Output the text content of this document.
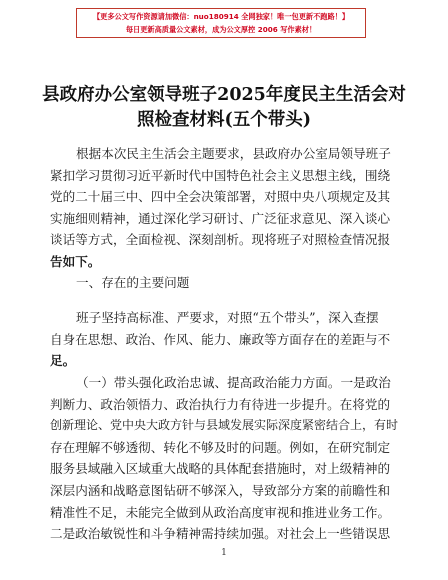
【更多公文写作资源请加微信：nuo180914 全网独家！唯一包更新不跑路！】
每日更新高质量公文素材，成为公文厚控 2006 写作素材！
县政府办公室领导班子2025年度民主生活会对
照检查材料(五个带头)
根据本次民主生活会主题要求，县政府办公室局领导班子
紧扣学习贯彻习近平新时代中国特色社会主义思想主线，围绕
党的二十届三中、四中全会决策部署，对照中央八项规定及其
实施细则精神，通过深化学习研讨、广泛征求意见、深入谈心
谈话等方式，全面检视、深刻剖析。现将班子对照检查情况报
告如下。
一、存在的主要问题
班子坚持高标准、严要求，对照“五个带头”，深入查摆
自身在思想、政治、作风、能力、廉政等方面存在的差距与不
足。
（一）带头强化政治忠诚、提高政治能力方面。一是政治
判断力、政治领悟力、政治执行力有待进一步提升。在将党的
创新理论、党中央大政方针与县域发展实际深度紧密结合上，有时
存在理解不够透彻、转化不够及时的问题。例如，在研究制定
服务县域融入区域重大战略的具体配套措施时，对上级精神的
深层内涵和战略意图钻研不够深入，导致部分方案的前瞻性和
精准性不足，未能完全做到从政治高度审视和推进业务工作。
二是政治敏锐性和斗争精神需持续加强。对社会上一些错误思
1
